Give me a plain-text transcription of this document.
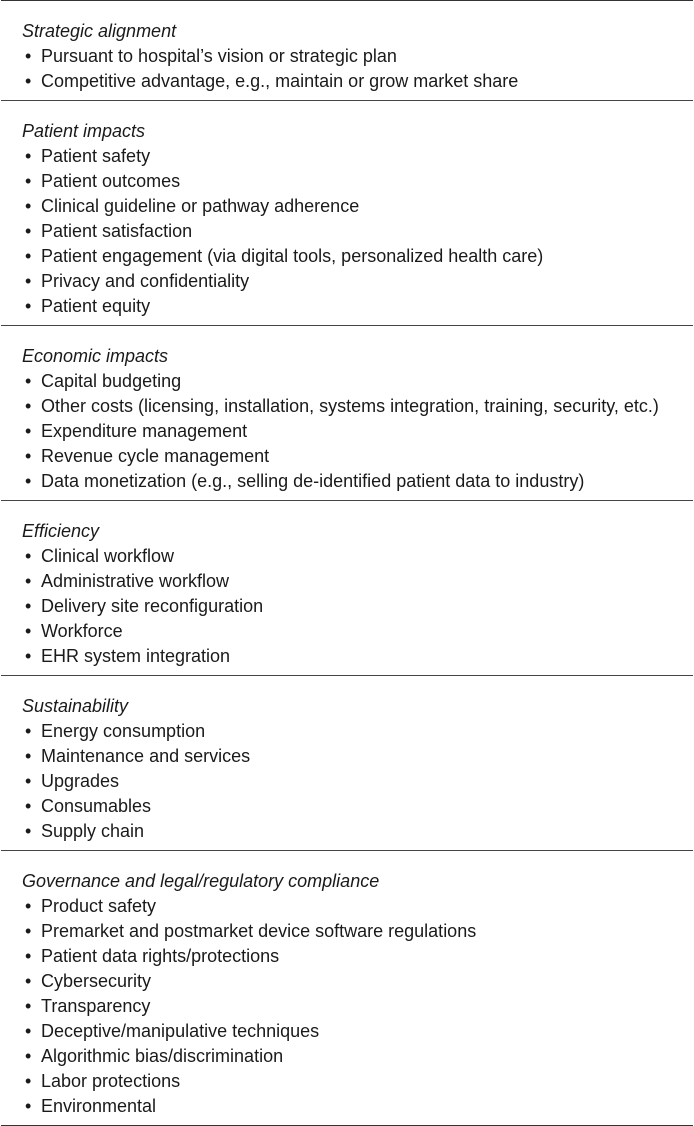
Strategic alignment

• Pursuant to hospital’s vision or strategic plan
• Competitive advantage, e.g., maintain or grow market share

Patient impacts

• Patient safety
• Patient outcomes
• Clinical guideline or pathway adherence
• Patient satisfaction
• Patient engagement (via digital tools, personalized health care)
• Privacy and confidentiality
• Patient equity

Economic impacts

• Capital budgeting
• Other costs (licensing, installation, systems integration, training, security, etc.)
• Expenditure management
• Revenue cycle management
• Data monetization (e.g., selling de-identified patient data to industry)

Efficiency

• Clinical workflow
• Administrative workflow
• Delivery site reconfiguration
• Workforce
• EHR system integration

Sustainability

• Energy consumption
• Maintenance and services
• Upgrades
• Consumables
• Supply chain

Governance and legal/regulatory compliance

• Product safety
• Premarket and postmarket device software regulations
• Patient data rights/protections
• Cybersecurity
• Transparency
• Deceptive/manipulative techniques
• Algorithmic bias/discrimination
• Labor protections
• Environmental
